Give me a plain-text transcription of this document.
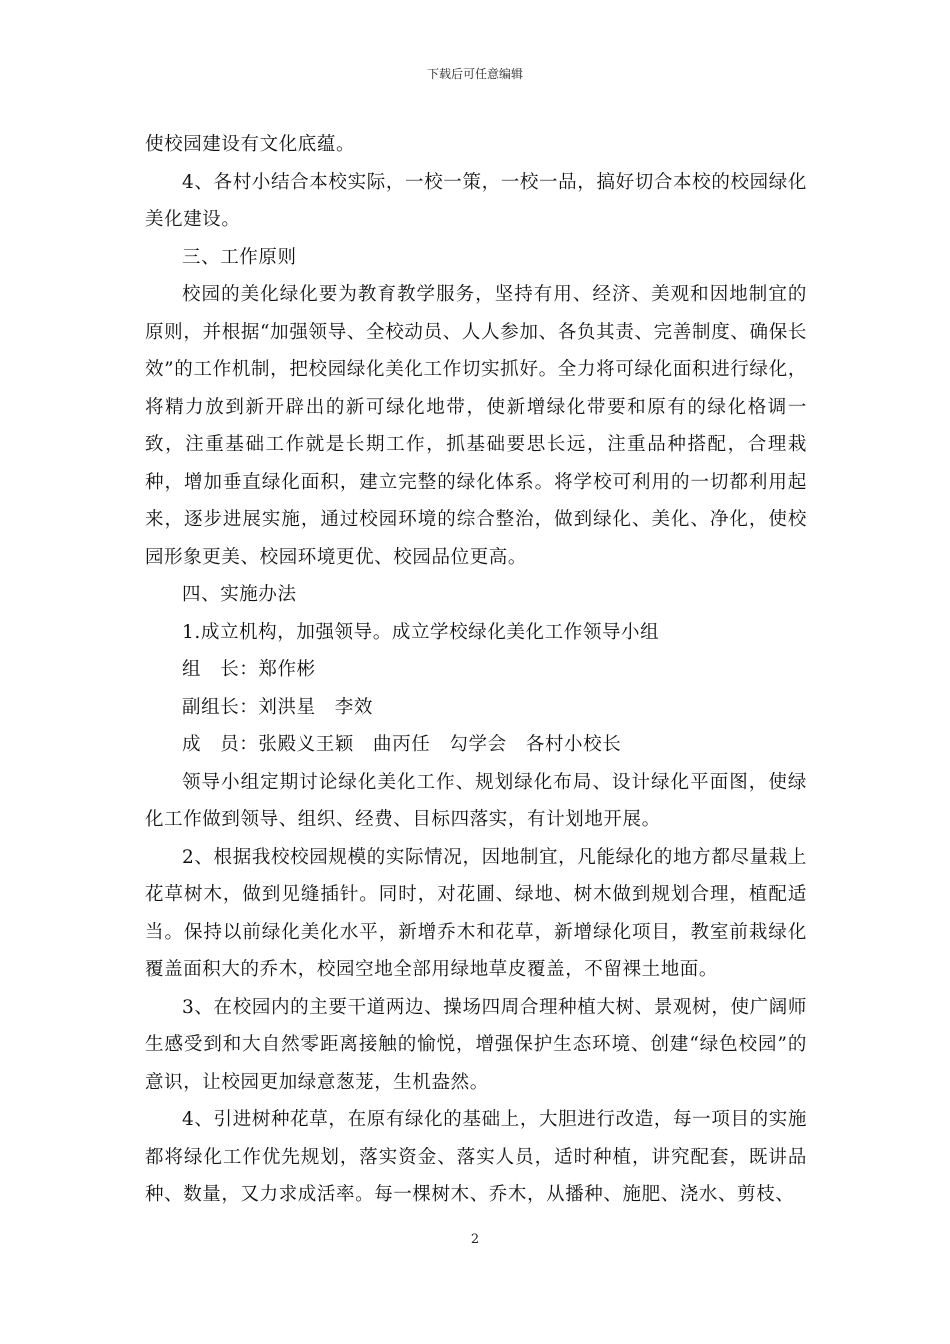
下载后可任意编辑

使校园建设有文化底蕴。

4、各村小结合本校实际，一校一策，一校一品，搞好切合本校的校园绿化美化建设。

三、工作原则

校园的美化绿化要为教育教学服务，坚持有用、经济、美观和因地制宜的原则，并根据“加强领导、全校动员、人人参加、各负其责、完善制度、确保长效”的工作机制，把校园绿化美化工作切实抓好。全力将可绿化面积进行绿化，将精力放到新开辟出的新可绿化地带，使新增绿化带要和原有的绿化格调一致，注重基础工作就是长期工作，抓基础要思长远，注重品种搭配，合理栽种，增加垂直绿化面积，建立完整的绿化体系。将学校可利用的一切都利用起来，逐步进展实施，通过校园环境的综合整治，做到绿化、美化、净化，使校园形象更美、校园环境更优、校园品位更高。

四、实施办法

1.成立机构，加强领导。成立学校绿化美化工作领导小组

组　长：郑作彬

副组长：刘洪星　李效

成　员：张殿义王颖　曲丙任　勾学会　各村小校长

领导小组定期讨论绿化美化工作、规划绿化布局、设计绿化平面图，使绿化工作做到领导、组织、经费、目标四落实，有计划地开展。

2、根据我校校园规模的实际情况，因地制宜，凡能绿化的地方都尽量栽上花草树木，做到见缝插针。同时，对花圃、绿地、树木做到规划合理，植配适当。保持以前绿化美化水平，新增乔木和花草，新增绿化项目，教室前栽绿化覆盖面积大的乔木，校园空地全部用绿地草皮覆盖，不留裸土地面。

3、在校园内的主要干道两边、操场四周合理种植大树、景观树，使广阔师生感受到和大自然零距离接触的愉悦，增强保护生态环境、创建“绿色校园”的意识，让校园更加绿意葱茏，生机盎然。

4、引进树种花草，在原有绿化的基础上，大胆进行改造，每一项目的实施都将绿化工作优先规划，落实资金、落实人员，适时种植，讲究配套，既讲品种、数量，又力求成活率。每一棵树木、乔木，从播种、施肥、浇水、剪枝、

2
